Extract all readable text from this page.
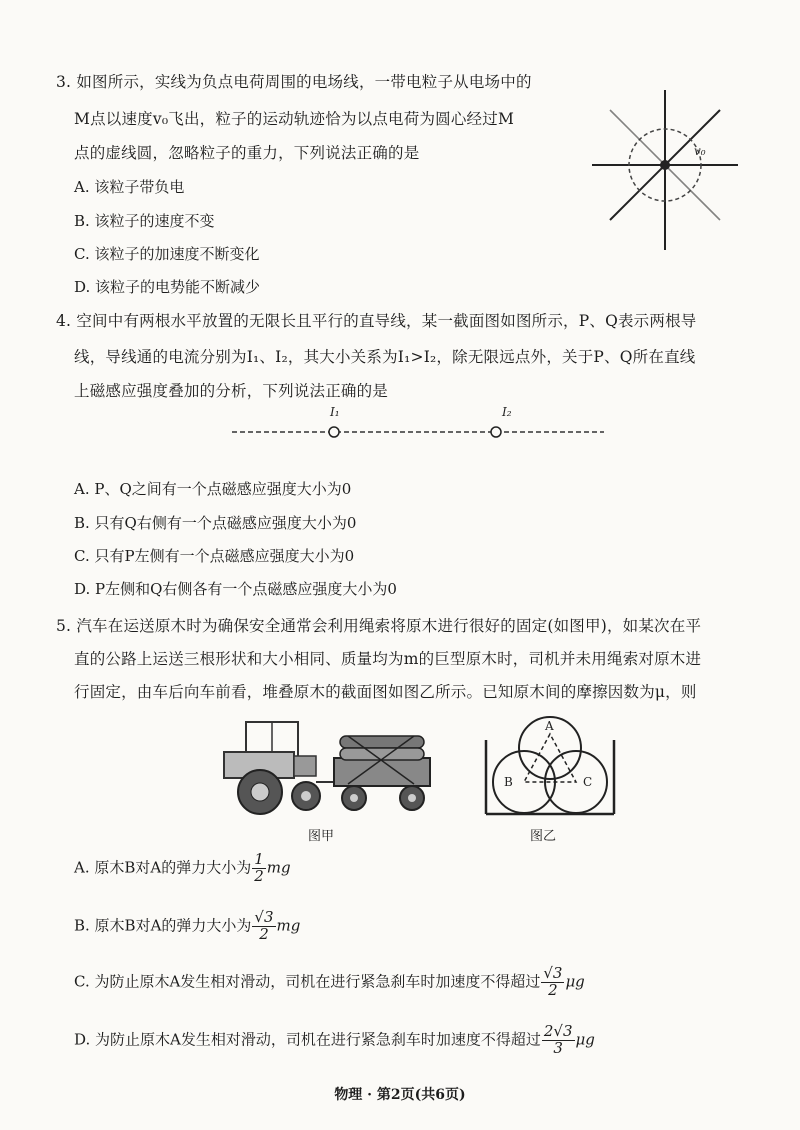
3. 如图所示，实线为负点电荷周围的电场线，一带电粒子从电场中的
M点以速度v₀飞出，粒子的运动轨迹恰为以点电荷为圆心经过M
点的虚线圆，忽略粒子的重力，下列说法正确的是
A. 该粒子带负电
B. 该粒子的速度不变
C. 该粒子的加速度不断变化
D. 该粒子的电势能不断减少
v₀
4. 空间中有两根水平放置的无限长且平行的直导线，某一截面图如图所示，P、Q表示两根导
线，导线通的电流分别为I₁、I₂，其大小关系为I₁>I₂，除无限远点外，关于P、Q所在直线
上磁感应强度叠加的分析，下列说法正确的是
I₁	I₂
A. P、Q之间有一个点磁感应强度大小为0
B. 只有Q右侧有一个点磁感应强度大小为0
C. 只有P左侧有一个点磁感应强度大小为0
D. P左侧和Q右侧各有一个点磁感应强度大小为0
5. 汽车在运送原木时为确保安全通常会利用绳索将原木进行很好的固定(如图甲)，如某次在平
直的公路上运送三根形状和大小相同、质量均为m的巨型原木时，司机并未用绳索对原木进
行固定，由车后向车前看，堆叠原木的截面图如图乙所示。已知原木间的摩擦因数为μ，则
图甲
A
B	C
图乙
A. 原木B对A的弹力大小为 $\frac{1}{2}$ mg
B. 原木B对A的弹力大小为 $\frac{√3}{2}$ mg
C. 为防止原木A发生相对滑动，司机在进行紧急刹车时加速度不得超过 $\frac{√3}{2}$ μg
D. 为防止原木A发生相对滑动，司机在进行紧急刹车时加速度不得超过 $\frac{2√3}{3}$ μg
物理 · 第2页(共6页)
